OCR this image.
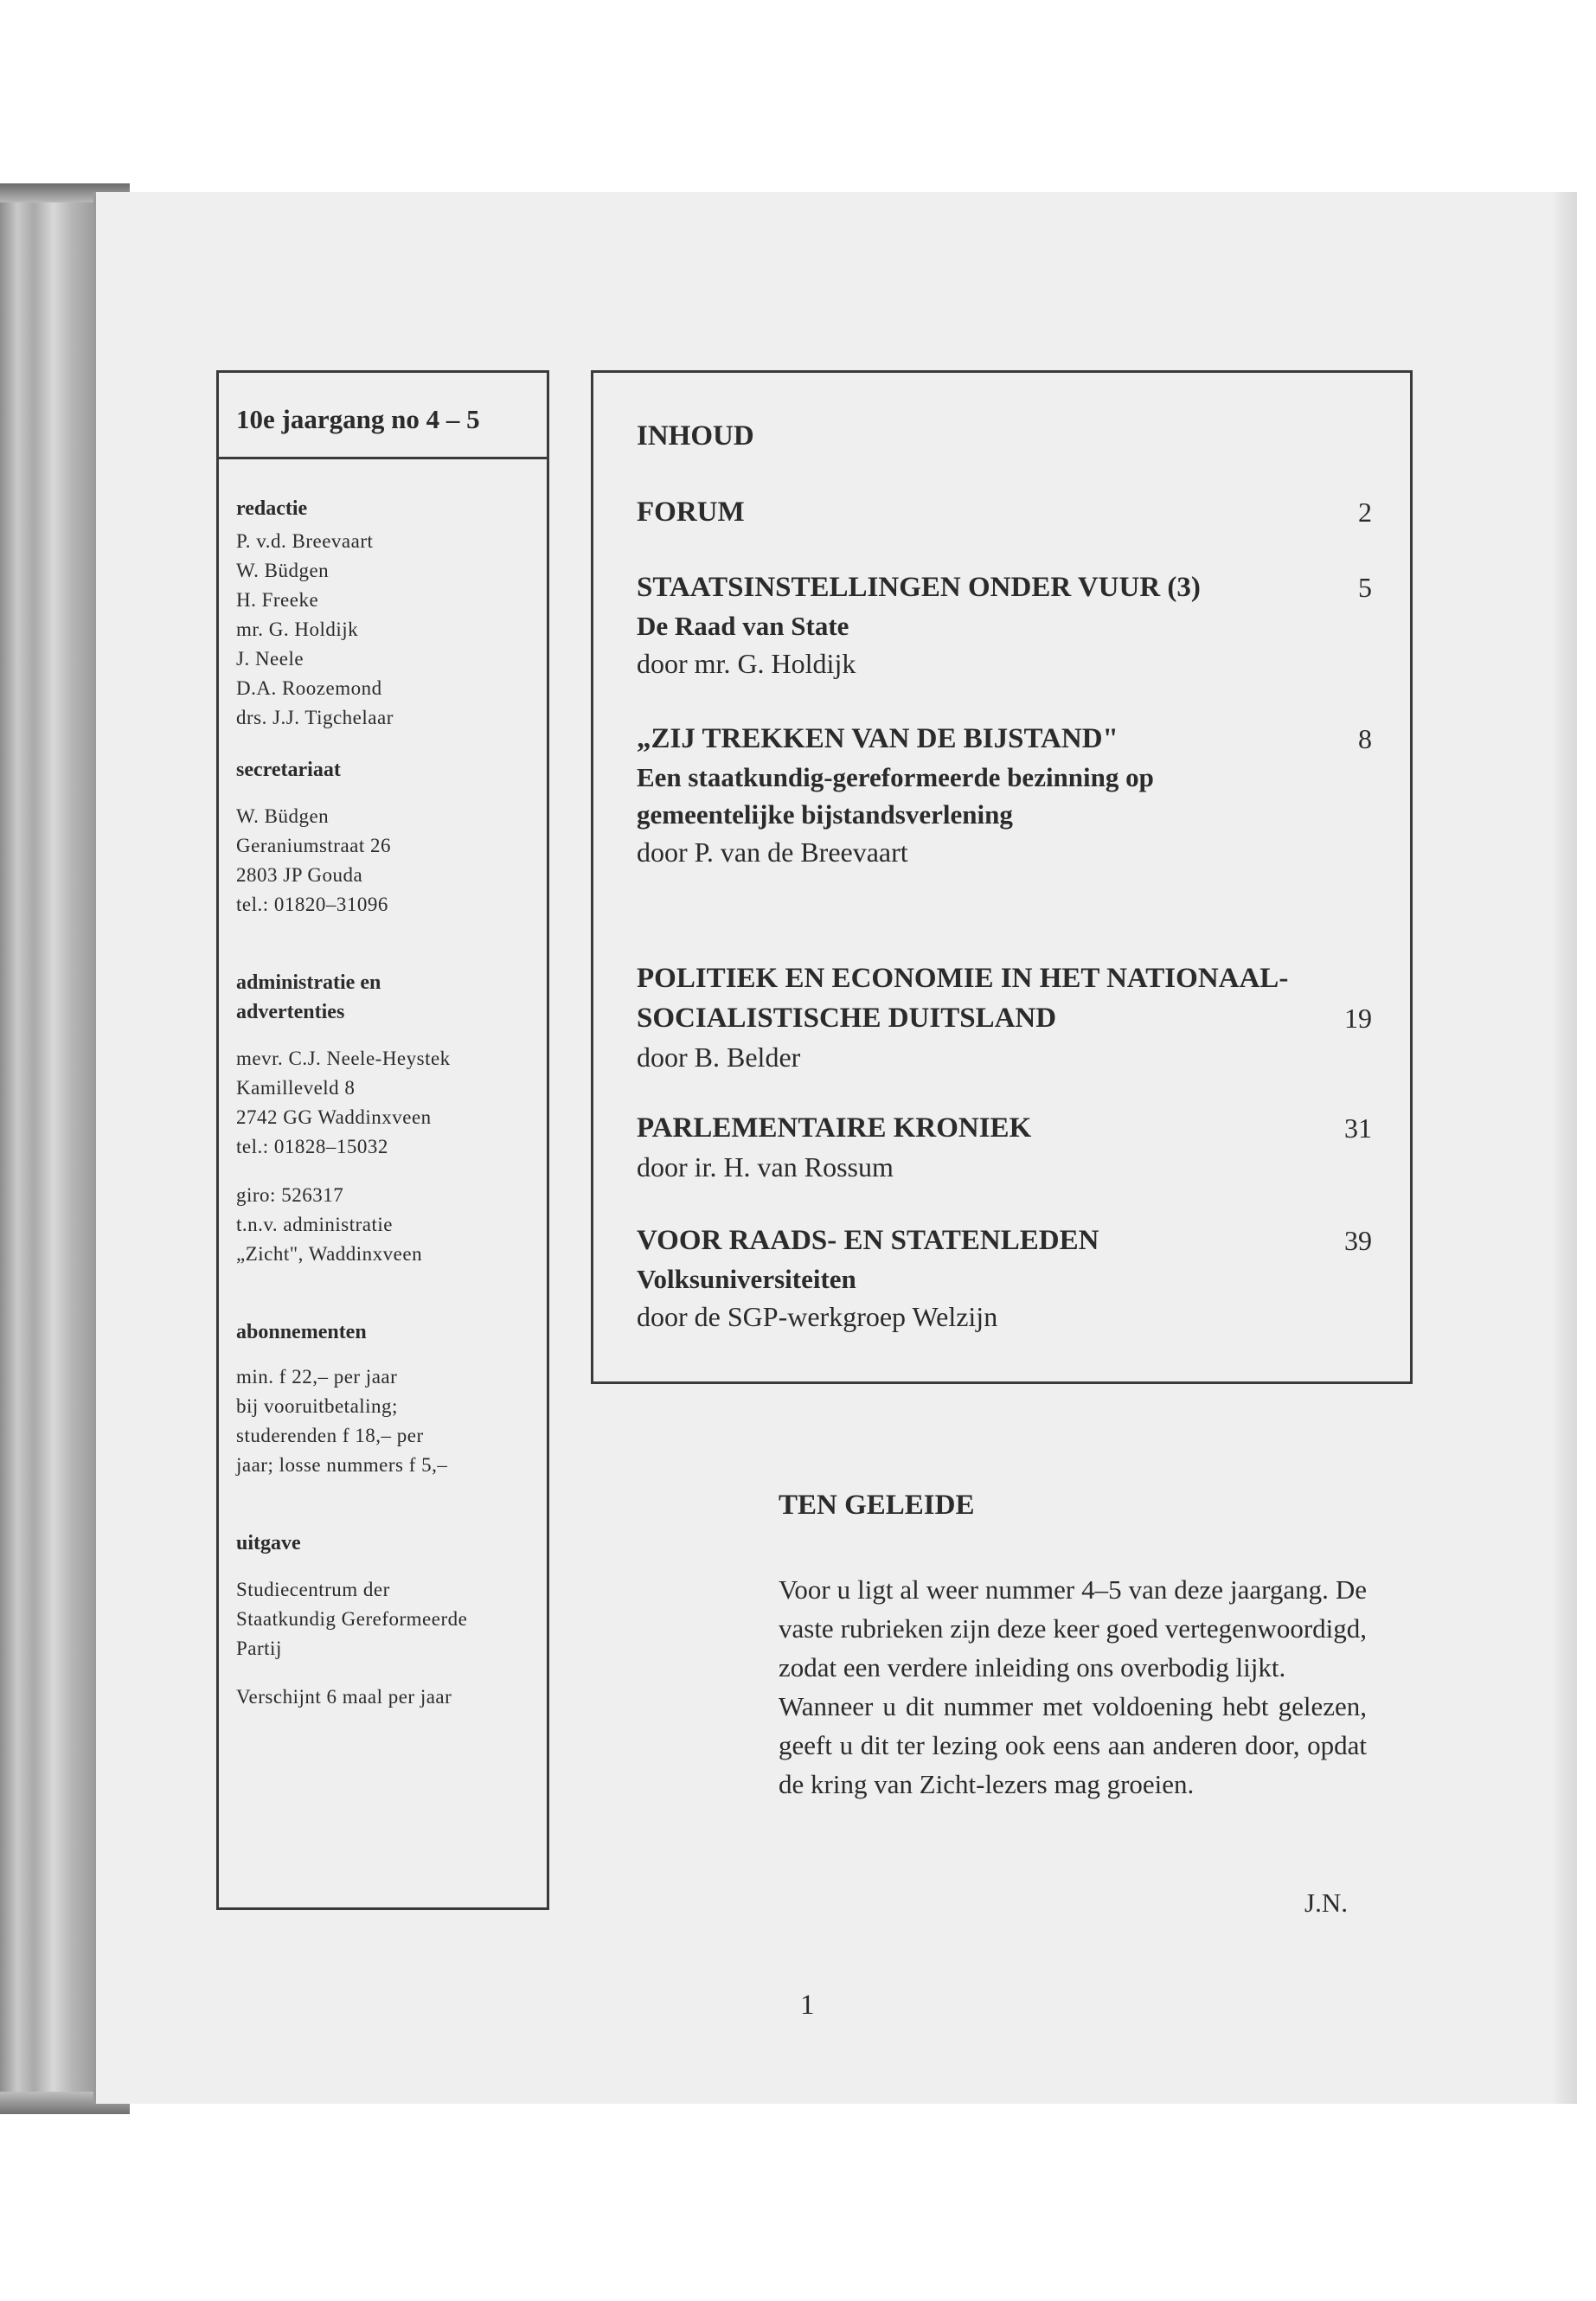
10e jaargang no 4 – 5
redactie
P. v.d. Breevaart
W. Büdgen
H. Freeke
mr. G. Holdijk
J. Neele
D.A. Roozemond
drs. J.J. Tigchelaar
secretariaat
W. Büdgen
Geraniumstraat 26
2803 JP Gouda
tel.: 01820–31096
administratie en
advertenties
mevr. C.J. Neele-Heystek
Kamilleveld 8
2742 GG Waddinxveen
tel.: 01828–15032
giro: 526317
t.n.v. administratie
„Zicht", Waddinxveen
abonnementen
min. f 22,– per jaar
bij vooruitbetaling;
studerenden f 18,– per
jaar; losse nummers f 5,–
uitgave
Studiecentrum der
Staatkundig Gereformeerde
Partij
Verschijnt 6 maal per jaar
INHOUD
FORUM	2
STAATSINSTELLINGEN ONDER VUUR (3)
De Raad van State
door mr. G. Holdijk
5
„ZIJ TREKKEN VAN DE BIJSTAND"
Een staatkundig-gereformeerde bezinning op
gemeentelijke bijstandsverlening
door P. van de Breevaart
8
POLITIEK EN ECONOMIE IN HET NATIONAAL-
SOCIALISTISCHE DUITSLAND
door B. Belder
19
PARLEMENTAIRE KRONIEK
door ir. H. van Rossum
31
VOOR RAADS- EN STATENLEDEN
Volksuniversiteiten
door de SGP-werkgroep Welzijn
39
TEN GELEIDE

Voor u ligt al weer nummer 4–5 van deze jaargang. De vaste rubrieken zijn deze keer goed vertegenwoordigd, zodat een verdere inleiding ons overbodig lijkt.

Wanneer u dit nummer met voldoening hebt gelezen, geeft u dit ter lezing ook eens aan anderen door, opdat de kring van Zicht-lezers mag groeien.

J.N.
1
